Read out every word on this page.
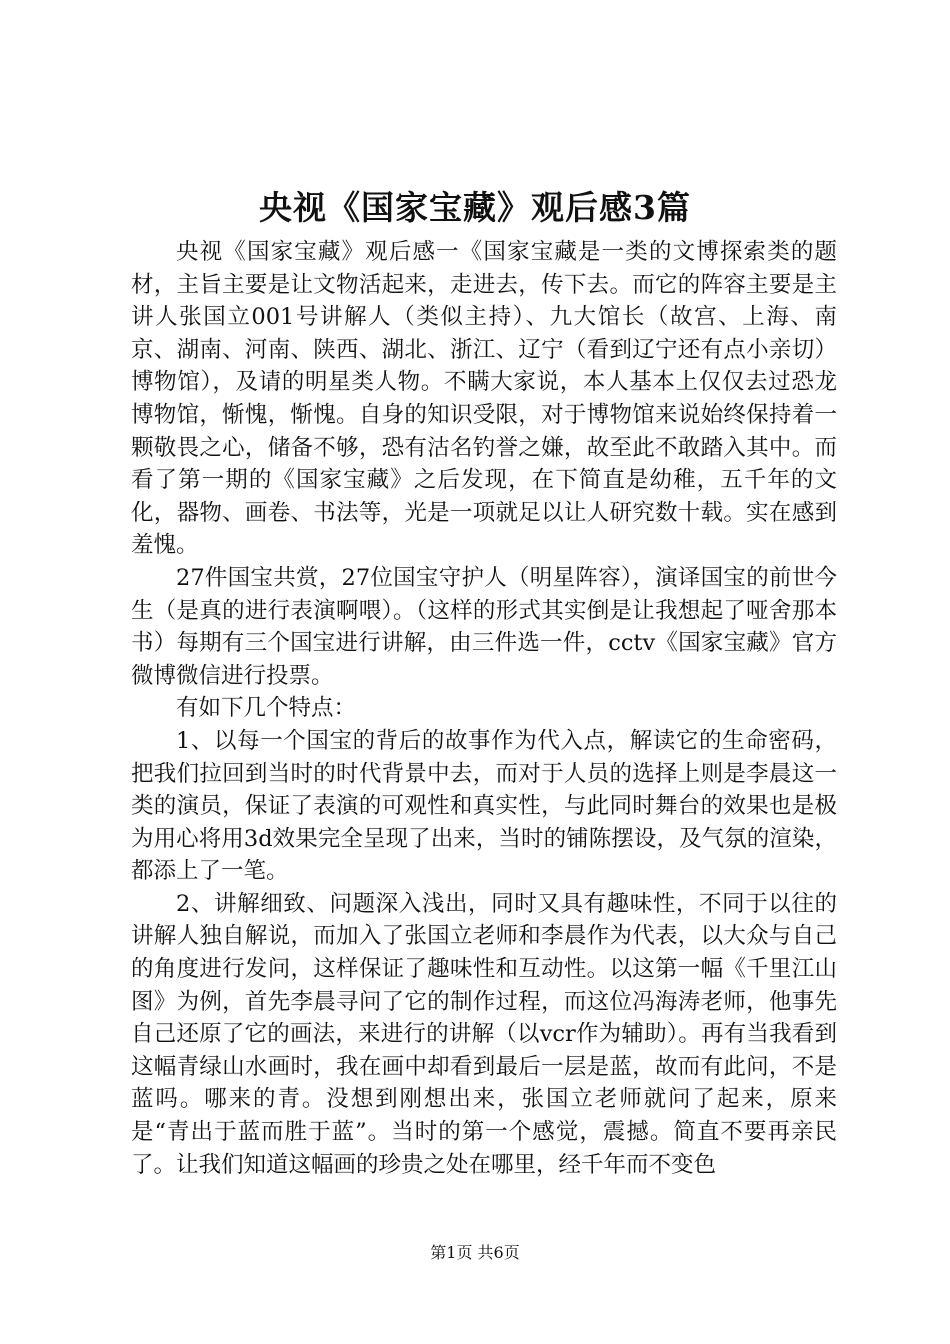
央视《国家宝藏》观后感3篇

央视《国家宝藏》观后感一《国家宝藏是一类的文博探索类的题材，主旨主要是让文物活起来，走进去，传下去。而它的阵容主要是主讲人张国立001号讲解人（类似主持）、九大馆长（故宫、上海、南京、湖南、河南、陕西、湖北、浙江、辽宁（看到辽宁还有点小亲切）博物馆），及请的明星类人物。不瞒大家说，本人基本上仅仅去过恐龙博物馆，惭愧，惭愧。自身的知识受限，对于博物馆来说始终保持着一颗敬畏之心，储备不够，恐有沽名钓誉之嫌，故至此不敢踏入其中。而看了第一期的《国家宝藏》之后发现，在下简直是幼稚，五千年的文化，器物、画卷、书法等，光是一项就足以让人研究数十载。实在感到羞愧。

27件国宝共赏，27位国宝守护人（明星阵容），演译国宝的前世今生（是真的进行表演啊喂）。（这样的形式其实倒是让我想起了哑舍那本书）每期有三个国宝进行讲解，由三件选一件，cctv《国家宝藏》官方微博微信进行投票。

有如下几个特点：

1、以每一个国宝的背后的故事作为代入点，解读它的生命密码，把我们拉回到当时的时代背景中去，而对于人员的选择上则是李晨这一类的演员，保证了表演的可观性和真实性，与此同时舞台的效果也是极为用心将用3d效果完全呈现了出来，当时的铺陈摆设，及气氛的渲染，都添上了一笔。

2、讲解细致、问题深入浅出，同时又具有趣味性，不同于以往的讲解人独自解说，而加入了张国立老师和李晨作为代表，以大众与自己的角度进行发问，这样保证了趣味性和互动性。以这第一幅《千里江山图》为例，首先李晨寻问了它的制作过程，而这位冯海涛老师，他事先自己还原了它的画法，来进行的讲解（以vcr作为辅助）。再有当我看到这幅青绿山水画时，我在画中却看到最后一层是蓝，故而有此问，不是蓝吗。哪来的青。没想到刚想出来，张国立老师就问了起来，原来是“青出于蓝而胜于蓝”。当时的第一个感觉，震撼。简直不要再亲民了。让我们知道这幅画的珍贵之处在哪里，经千年而不变色

第1页 共6页
